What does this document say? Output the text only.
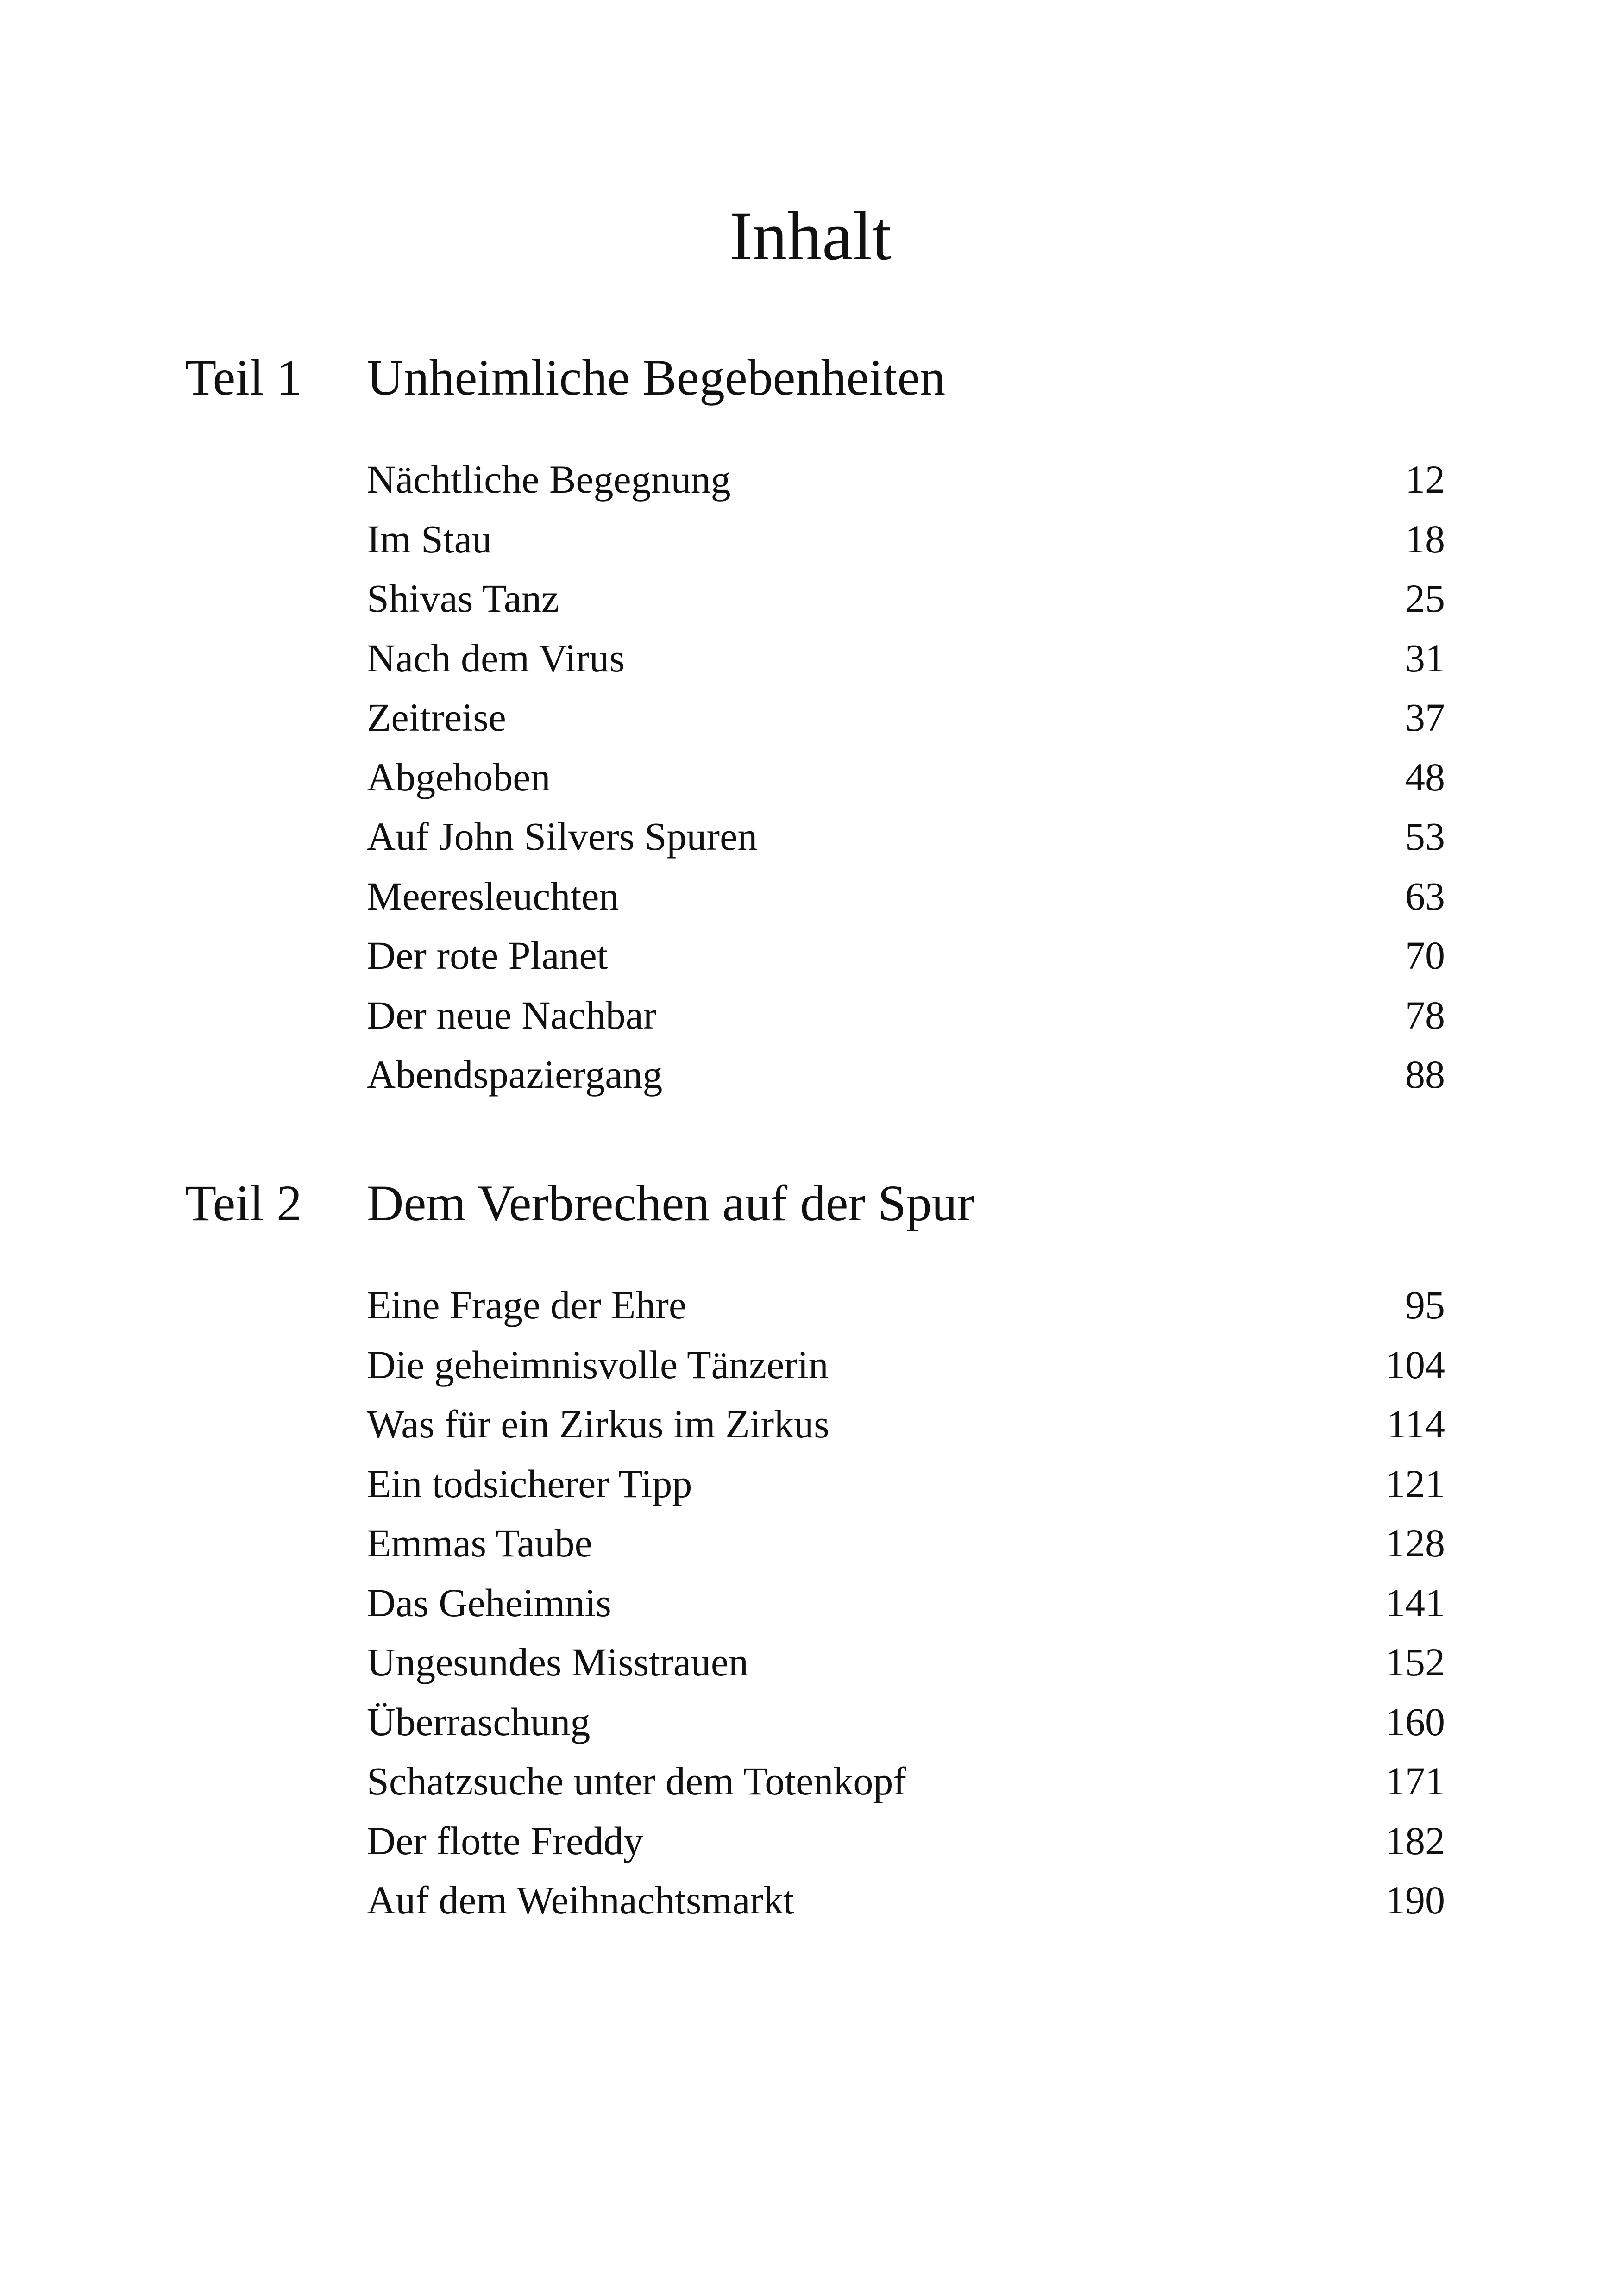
Inhalt
Teil 1 Unheimliche Begebenheiten
Nächtliche Begegnung	12
Im Stau	18
Shivas Tanz	25
Nach dem Virus	31
Zeitreise	37
Abgehoben	48
Auf John Silvers Spuren	53
Meeresleuchten	63
Der rote Planet	70
Der neue Nachbar	78
Abendspaziergang	88
Teil 2 Dem Verbrechen auf der Spur
Eine Frage der Ehre	95
Die geheimnisvolle Tänzerin	104
Was für ein Zirkus im Zirkus	114
Ein todsicherer Tipp	121
Emmas Taube	128
Das Geheimnis	141
Ungesundes Misstrauen	152
Überraschung	160
Schatzsuche unter dem Totenkopf	171
Der flotte Freddy	182
Auf dem Weihnachtsmarkt	190
